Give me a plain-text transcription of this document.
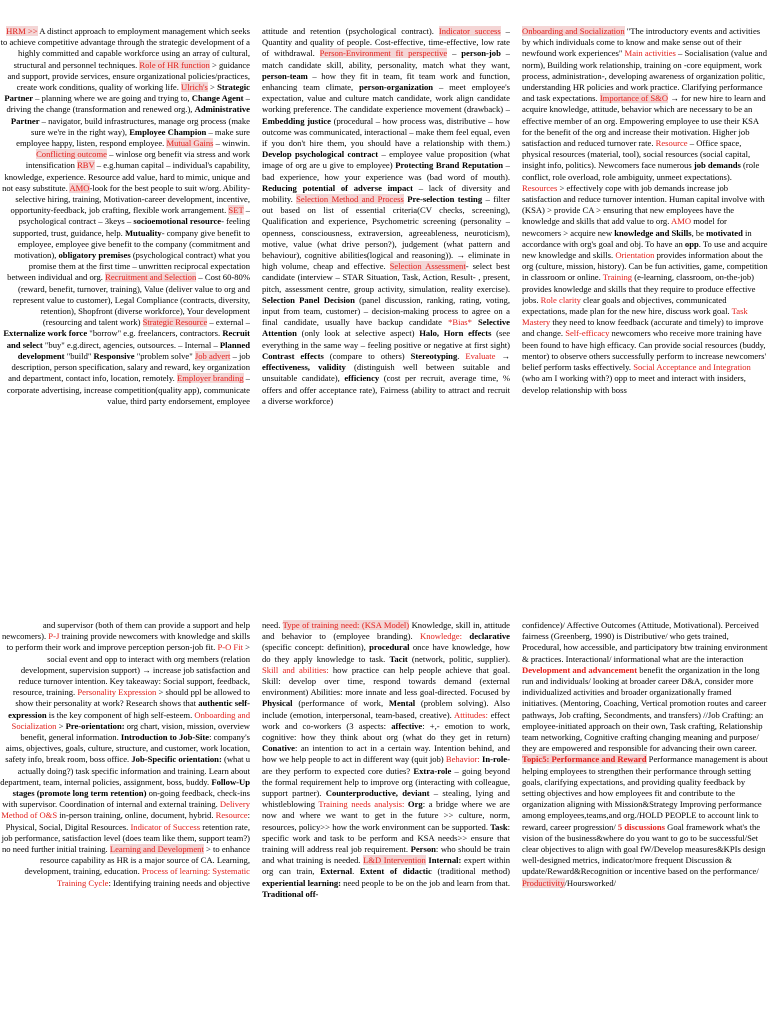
HRM >> A distinct approach to employment management which seeks to achieve competitive advantage through the strategic development of a highly committed and capable workforce using an array of cultural, structural and personnel techniques. Role of HR function > guidance and support, provide services, ensure organizational policies/practices, create work conditions, quality of working life. Ulrich's > Strategic Partner – planning where we are going and trying to, Change Agent – driving the change (transformation and renewed org.), Administrative Partner – navigator, build infrastructures, manage org process (make sure we're in the right way), Employee Champion – make sure employee happy, listen, respond employee. Mutual Gains – winwin. Conflicting outcome – winlose org benefit via stress and work intensification RBV – e.g.human capital – individual's capability, knowledge, experience. Resource add value, hard to mimic, unique and not easy substitute. AMO-look for the best people to suit w/org. Ability-selective hiring, training, Motivation-career development, incentive, opportunity-feedback, job crafting, flexible work arrangement. SET – psychological contract – 3keys – socioemotional resource- feeling supported, trust, guidance, help. Mutuality- company give benefit to employee, employee give benefit to the company (commitment and motivation), obligatory premises (psychological contract) what you promise them at the first time – unwritten reciprocal expectation between individual and org. Recruitment and Selection – Cost 60-80% (reward, benefit, turnover, training), Value (deliver value to org and represent value to customer), Legal Compliance (contracts, diversity, retention), Shopfront (diverse workforce), Your development (resourcing and talent work) Strategic Resource – external – Externalize work force "borrow" e.g. freelancers, contractors. Recruit and select "buy" e.g.direct, agencies, outsources. – Internal – Planned development "build" Responsive "problem solve" Job advert – job description, person specification, salary and reward, key organization and department, contact info, location, remotely. Employer branding – corporate advertising, increase competition(quality app), communicate value, third party endorsement, employee

attitude and retention (psychological contract). Indicator success – Quantity and quality of people. Cost-effective, time-effective, low rate of withdrawal. Person-Environment fit perspective – person-job – match candidate skill, ability, personality, match what they want, person-team – how they fit in team, fit team work and function, enhancing team climate, person-organization – meet employee's expectation, value and culture match candidate, work align candidate working preference. The candidate experience movement (drawback) – Embedding justice (procedural – how process was, distributive – how outcome was communicated, interactional – make them feel equal, even if you don't hire them, you should have a relationship with them.) Develop psychological contract – employee value proposition (what image of org are u give to employee) Protecting Brand Reputation – bad experience, how your experience was (bad word of mouth). Reducing potential of adverse impact – lack of diversity and mobility. Selection Method and Process Pre-selection testing – filter out based on list of essential criteria(CV checks, screening), Qualification and experience, Psychometric screening (personality – openness, consciousness, extraversion, agreeableness, neuroticism), motive, value (what drive person?), judgement (what pattern and behaviour), cognitive abilities(logical and reasoning)). → eliminate in high volume, cheap and effective. Selection Assessment- select best candidate (interview – STAR Situation, Task, Action, Result- , present, pitch, assessment centre, group activity, simulation, reality exercise). Selection Panel Decision (panel discussion, ranking, rating, voting, input from team, customer) – decision-making process to agree on a final candidate, usually have backup candidate *Bias* Selective Attention (only look at selective aspect) Halo, Horn effects (see everything in the same way – feeling positive or negative at first sight) Contrast effects (compare to others) Stereotyping. Evaluate → effectiveness, validity (distinguish well between suitable and unsuitable candidate), efficiency (cost per recruit, average time, % offers and offer acceptance rate), Fairness (ability to attract and recruit a diverse workforce)

Onboarding and Socialization "The introductory events and activities by which individuals come to know and make sense out of their newfound work experiences" Main activities – Socialisation (value and norm), Building work relationship, training on -core equipment, work process, administration-, developing awareness of organization politic, understanding HR policies and work practice. Clarifying performance and task expectations. Importance of S&O → for new hire to learn and acquire knowledge, attitude, behavior which are necessary to be an effective member of an org. Empowering employee to use their KSA for the benefit of the org and increase their motivation. Higher job satisfaction and reduced turnover rate. Resource – Office space, physical resources (material, tool), social resources (social capital, insight info, politics). Newcomers face numerous job demands (role conflict, role overload, role ambiguity, unmeet expectations). Resources > effectively cope with job demands increase job satisfaction and reduce turnover intention. Human capital involve with (KSA) > provide CA > ensuring that new employees have the knowledge and skills that add value to org. AMO model for newcomers > acquire new knowledge and Skills, be motivated in accordance with org's goal and obj. To have an opp. To use and acquire new knowledge and skills. Orientation provides information about the org (culture, mission, history). Can be fun activities, game, competition in classroom or online. Training (e-learning, classroom, on-the-job) provides knowledge and skills that they require to produce effective jobs. Role clarity clear goals and objectives, communicated expectations, made plan for the new hire, discuss work goal. Task Mastery they need to know feedback (accurate and timely) to improve and change. Self-efficacy newcomers who receive more training have been found to have high efficacy. Can provide social resources (buddy, mentor) to observe others successfully perform to increase newcomers' belief perform tasks effectively. Social Acceptance and Integration (who am I working with?) opp to meet and interact with insiders, develop relationship with boss

and supervisor (both of them can provide a support and help newcomers). P-J training provide newcomers with knowledge and skills to perform their work and improve perception person-job fit. P-O Fit > social event and opp to interact with org members (relation development, supervision support) → increase job satisfaction and reduce turnover intention. Key takeaway: Social support, feedback, resource, training. Personality Expression > should ppl be allowed to show their personality at work? Research shows that authentic self-expression is the key component of high self-esteem. Onboarding and Socialization > Pre-orientation: org chart, vision, mission, overview benefit, general information. Introduction to Job-Site: company's aims, objectives, goals, culture, structure, and customer, work location, safety info, break room, boss office. Job-Specific orientation: (what u actually doing?) task specific information and training. Learn about department, team, internal policies, assignment, boss, buddy. Follow-Up stages (promote long term retention) on-going feedback, check-ins with supervisor. Coordination of internal and external training. Delivery Method of O&S in-person training, online, document, hybrid. Resource: Physical, Social, Digital Resources. Indicator of Success retention rate, job performance, satisfaction level (does team like them, support team?) no need further initial training. Learning and Development > to enhance resource capability as HR is a major source of CA. Learning, development, training, education. Process of learning: Systematic Training Cycle: Identifying training needs and objective

need. Type of training need: (KSA Model) Knowledge, skill in, attitude and behavior to (employee branding). Knowledge: declarative (specific concept: definition), procedural once have knowledge, how do they apply knowledge to task. Tacit (network, politic, supplier). Skill and abilities: how practice can help people achieve that goal. Skill: develop over time, respond towards demand (external environment) Abilities: more innate and less goal-directed. Focused by Physical (performance of work, Mental (problem solving). Also include (emotion, interpersonal, team-based, creative). Attitudes: effect work and co-workers (3 aspects: affective: +,- emotion to work, cognitive: how they think about org (what do they get in return) Conative: an intention to act in a certain way. Intention behind, and how we help people to act in different way (quit job) Behavior: In-role- are they perform to expected core duties? Extra-role – going beyond the formal requirement help to improve org (interacting with colleague, support partner). Counterproductive, deviant – stealing, lying and whistleblowing Training needs analysis: Org: a bridge where we are now and where we want to get in the future >> culture, norm, resources, policy>> how the work environment can be supported. Task: specific work and task to be perform and KSA needs>> ensure that training will address real job requirement. Person: who should be train and what training is needed. L&D Intervention Internal: expert within org can train, External. Extent of didactic (traditional method) experiential learning: need people to be on the job and learn from that. Traditional off-

confidence)/ Affective Outcomes (Attitude, Motivational). Perceived fairness (Greenberg, 1990) is Distributive/ who gets trained, Procedural, how accessible, and participatory btw training environment & practices. Interactional/ informational what are the interaction Development and advancement benefit the organization in the long run and individuals/ looking at broader career D&A, consider more individualized activities and broader organizationally framed initiatives. (Mentoring, Coaching, Vertical promotion routes and career pathways, Job crafting, Secondments, and transfers) //Job Crafting: an employee-initiated approach on their own, Task crafting, Relationship team networking, Cognitive crafting changing meaning and purpose/ they are empowered and responsible for advancing their own career. Topic5: Performance and Reward Performance management is about helping employees to strengthen their performance through setting goals, clarifying expectations, and providing quality feedback by setting objectives and how employees fit and contribute to the organization aligning with Mission&Strategy Improving performance among employees,teams,and org./HOLD PEOPLE to account link to reward, career progression/ 5 discussions Goal framework what's the vision of the business&where do you want to go to be successful/Set clear objectives to align with goal fW/Develop measures&KPIs design well-designed metrics, indicator/more frequent Discussion & update/Reward&Recognition or incentive based on the performance/ Productivity/Hoursworked/
